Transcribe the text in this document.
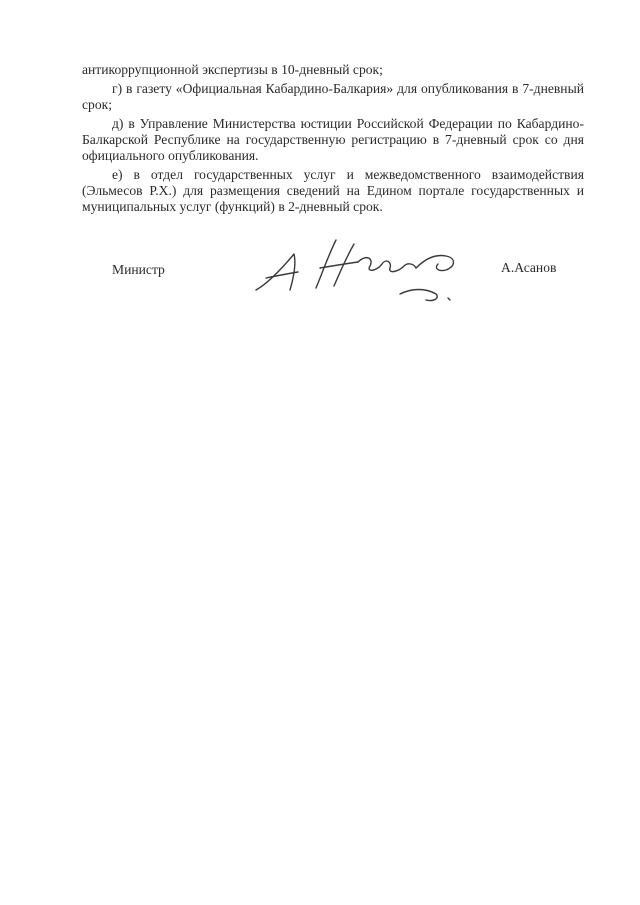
антикоррупционной экспертизы в 10-дневный срок;

г) в газету «Официальная Кабардино-Балкария» для опубликования в 7-дневный срок;

д) в Управление Министерства юстиции Российской Федерации по Кабардино-Балкарской Республике на государственную регистрацию в 7-дневный срок со дня официального опубликования.

е) в отдел государственных услуг и межведомственного взаимодействия (Эльмесов Р.Х.) для размещения сведений на Едином портале государственных и муниципальных услуг (функций) в 2-дневный срок.

Министр	А.Асанов
